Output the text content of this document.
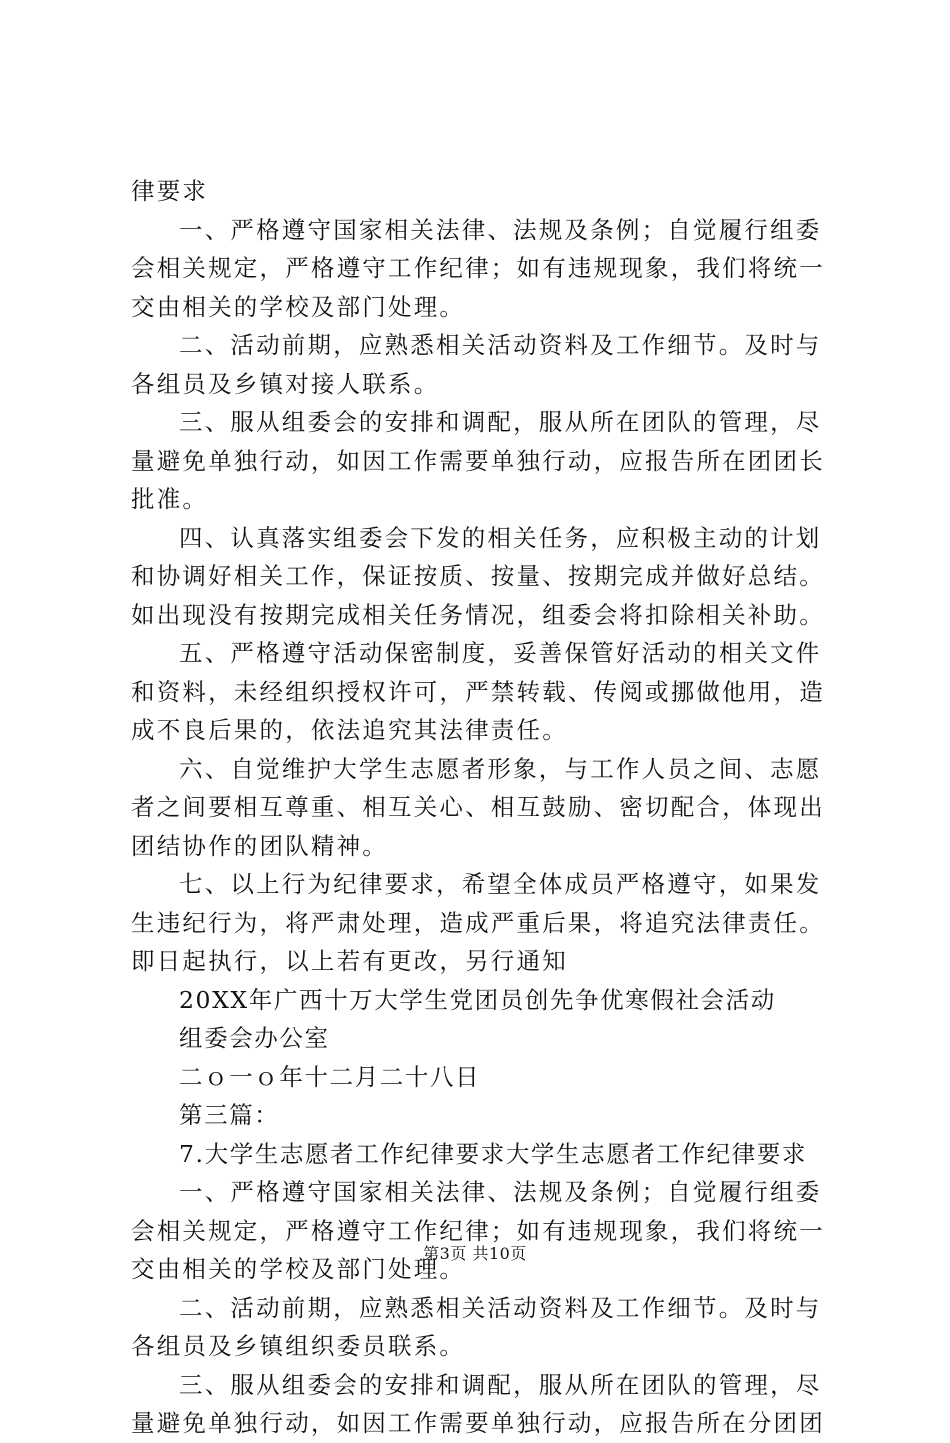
律要求
一、严格遵守国家相关法律、法规及条例；自觉履行组委
会相关规定，严格遵守工作纪律；如有违规现象，我们将统一
交由相关的学校及部门处理。
二、活动前期，应熟悉相关活动资料及工作细节。及时与
各组员及乡镇对接人联系。
三、服从组委会的安排和调配，服从所在团队的管理，尽
量避免单独行动，如因工作需要单独行动，应报告所在团团长
批准。
四、认真落实组委会下发的相关任务，应积极主动的计划
和协调好相关工作，保证按质、按量、按期完成并做好总结。
如出现没有按期完成相关任务情况，组委会将扣除相关补助。
五、严格遵守活动保密制度，妥善保管好活动的相关文件
和资料，未经组织授权许可，严禁转载、传阅或挪做他用，造
成不良后果的，依法追究其法律责任。
六、自觉维护大学生志愿者形象，与工作人员之间、志愿
者之间要相互尊重、相互关心、相互鼓励、密切配合，体现出
团结协作的团队精神。
七、以上行为纪律要求，希望全体成员严格遵守，如果发
生违纪行为，将严肃处理，造成严重后果，将追究法律责任。
即日起执行，以上若有更改，另行通知
20XX年广西十万大学生党团员创先争优寒假社会活动
组委会办公室
二ｏ一ｏ年十二月二十八日
第三篇：
7.大学生志愿者工作纪律要求大学生志愿者工作纪律要求
一、严格遵守国家相关法律、法规及条例；自觉履行组委
会相关规定，严格遵守工作纪律；如有违规现象，我们将统一
交由相关的学校及部门处理。
二、活动前期，应熟悉相关活动资料及工作细节。及时与
各组员及乡镇组织委员联系。
三、服从组委会的安排和调配，服从所在团队的管理，尽
量避免单独行动，如因工作需要单独行动，应报告所在分团团
第3页 共10页
